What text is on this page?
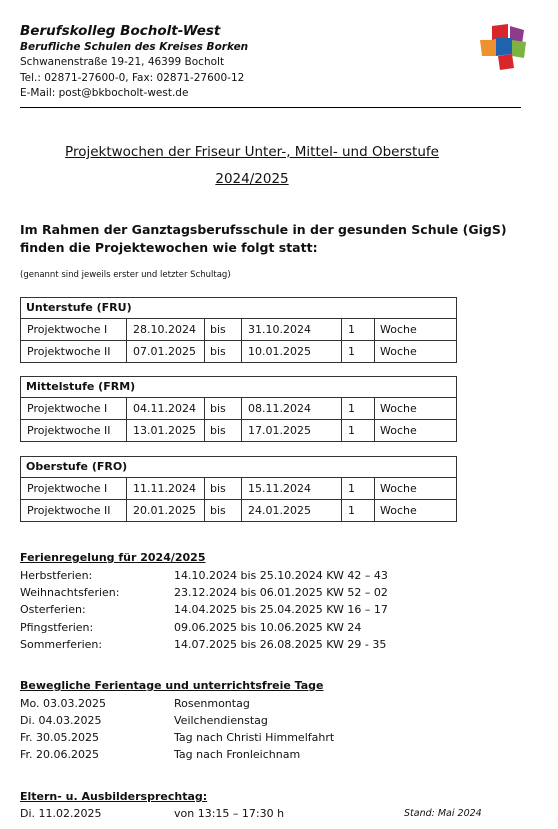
Berufskolleg Bocholt-West
Berufliche Schulen des Kreises Borken
Schwanenstraße 19-21, 46399 Bocholt
Tel.: 02871-27600-0, Fax: 02871-27600-12
E-Mail: post@bkbocholt-west.de
Projektwochen der Friseur Unter-, Mittel- und Oberstufe
2024/2025
Im Rahmen der Ganztagsberufsschule in der gesunden Schule (GigS)
finden die Projektewochen wie folgt statt:
(genannt sind jeweils erster und letzter Schultag)
Unterstufe (FRU)
Projektwoche I 28.10.2024 bis 31.10.2024	1 Woche
Projektwoche II 07.01.2025 bis 10.01.2025	1 Woche
Mittelstufe (FRM)
Projektwoche I 04.11.2024 bis 08.11.2024	1 Woche
Projektwoche II 13.01.2025 bis 17.01.2025	1 Woche
Oberstufe (FRO)
Projektwoche I 11.11.2024 bis 15.11.2024	1 Woche
Projektwoche II 20.01.2025 bis 24.01.2025	1 Woche
Ferienregelung für 2024/2025
Herbstferien:	14.10.2024 bis 25.10.2024 KW 42 – 43
Weihnachtsferien:	23.12.2024 bis 06.01.2025 KW 52 – 02
Osterferien:	14.04.2025 bis 25.04.2025 KW 16 – 17
Pfingstferien:	09.06.2025 bis 10.06.2025 KW 24
Sommerferien:	14.07.2025 bis 26.08.2025 KW 29 - 35
Bewegliche Ferientage und unterrichtsfreie Tage
Mo. 03.03.2025	Rosenmontag
Di. 04.03.2025	Veilchendienstag
Fr. 30.05.2025	Tag nach Christi Himmelfahrt
Fr. 20.06.2025	Tag nach Fronleichnam
Eltern- u. Ausbildersprechtag:
Di. 11.02.2025	von 13:15 – 17:30 h	Stand: Mai 2024
